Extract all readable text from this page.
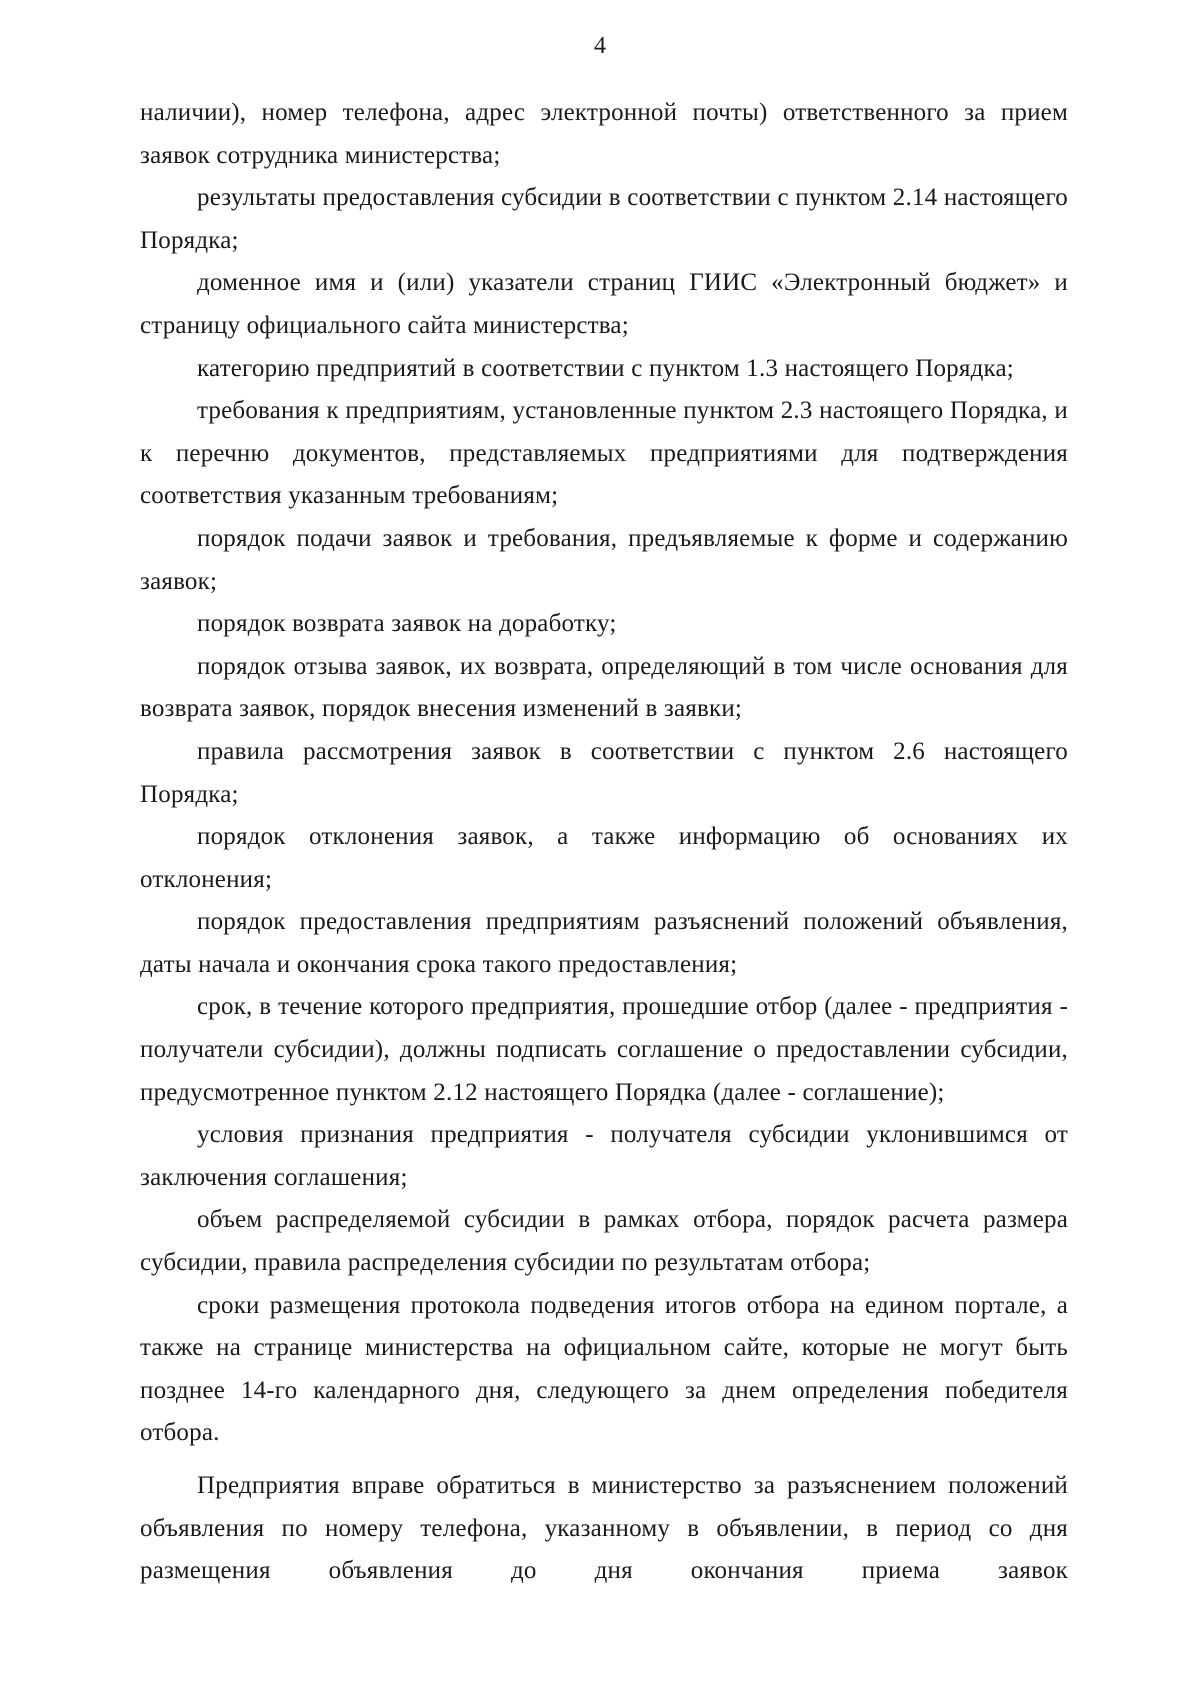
4

наличии), номер телефона, адрес электронной почты) ответственного за прием заявок сотрудника министерства;

результаты предоставления субсидии в соответствии с пунктом 2.14 настоящего Порядка;

доменное имя и (или) указатели страниц ГИИС «Электронный бюджет» и страницу официального сайта министерства;

категорию предприятий в соответствии с пунктом 1.3 настоящего Порядка;

требования к предприятиям, установленные пунктом 2.3 настоящего Порядка, и к перечню документов, представляемых предприятиями для подтверждения соответствия указанным требованиям;

порядок подачи заявок и требования, предъявляемые к форме и содержанию заявок;

порядок возврата заявок на доработку;

порядок отзыва заявок, их возврата, определяющий в том числе основания для возврата заявок, порядок внесения изменений в заявки;

правила рассмотрения заявок в соответствии с пунктом 2.6 настоящего Порядка;

порядок отклонения заявок, а также информацию об основаниях их отклонения;

порядок предоставления предприятиям разъяснений положений объявления, даты начала и окончания срока такого предоставления;

срок, в течение которого предприятия, прошедшие отбор (далее - предприятия - получатели субсидии), должны подписать соглашение о предоставлении субсидии, предусмотренное пунктом 2.12 настоящего Порядка (далее - соглашение);

условия признания предприятия - получателя субсидии уклонившимся от заключения соглашения;

объем распределяемой субсидии в рамках отбора, порядок расчета размера субсидии, правила распределения субсидии по результатам отбора;

сроки размещения протокола подведения итогов отбора на едином портале, а также на странице министерства на официальном сайте, которые не могут быть позднее 14-го календарного дня, следующего за днем определения победителя отбора.

Предприятия вправе обратиться в министерство за разъяснением положений объявления по номеру телефона, указанному в объявлении, в период со дня размещения объявления до дня окончания приема заявок
